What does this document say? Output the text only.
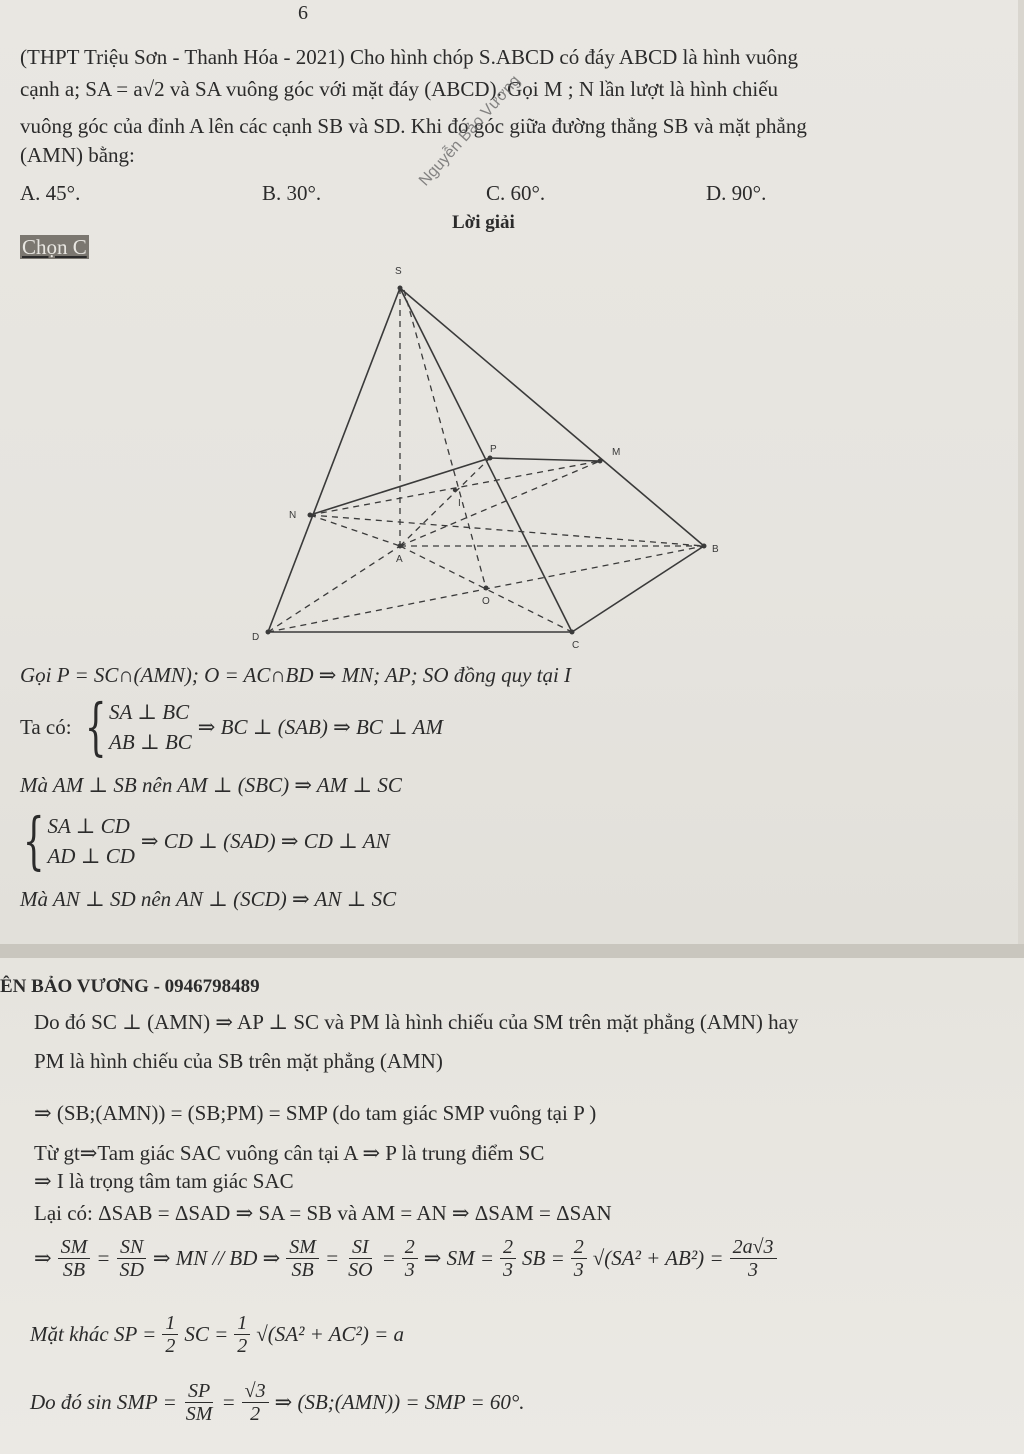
6
(THPT Triệu Sơn - Thanh Hóa - 2021) Cho hình chóp S.ABCD có đáy ABCD là hình vuông
cạnh a; SA = a√2 và SA vuông góc với mặt đáy (ABCD). Gọi M ; N lần lượt là hình chiếu
vuông góc của đỉnh A lên các cạnh SB và SD. Khi đó góc giữa đường thẳng SB và mặt phẳng
(AMN) bằng:
A. 45°.	B. 30°.	C. 60°.	D. 90°.
Nguyễn Bảo Vương
Lời giải
Chọn C
S
M
P
N
A
B
O
D
C
I
Gọi P = SC∩(AMN); O = AC∩BD ⇒ MN; AP; SO đồng quy tại I
Ta có: { SA ⊥ BC
AB ⊥ BC
⇒ BC ⊥ (SAB) ⇒ BC ⊥ AM
Mà AM ⊥ SB nên AM ⊥ (SBC) ⇒ AM ⊥ SC
{ SA ⊥ CD
AD ⊥ CD
⇒ CD ⊥ (SAD) ⇒ CD ⊥ AN
Mà AN ⊥ SD nên AN ⊥ (SCD) ⇒ AN ⊥ SC
ÊN BẢO VƯƠNG - 0946798489
Do đó SC ⊥ (AMN) ⇒ AP ⊥ SC và PM là hình chiếu của SM trên mặt phẳng (AMN) hay
PM là hình chiếu của SB trên mặt phẳng (AMN)
⇒ (SB;(AMN)) = (SB;PM) = SMP (do tam giác SMP vuông tại P )
Từ gt⇒Tam giác SAC vuông cân tại A ⇒ P là trung điểm SC
⇒ I là trọng tâm tam giác SAC
Lại có: ΔSAB = ΔSAD ⇒ SA = SB và AM = AN ⇒ ΔSAM = ΔSAN
⇒ $\frac{SM}{SB} = \frac{SN}{SD}$ ⇒ MN // BD ⇒ $\frac{SM}{SB} = \frac{SI}{SO} = \frac{2}{3}$ ⇒ SM = $\frac{2}{3}$ SB = $\frac{2}{3} √(SA^2 + AB^2) = \frac{2a√3}{3}$
Mặt khác SP = $\frac{1}{2}$ SC = $\frac{1}{2} √(SA^2 + AC^2) = a$
Do đó sin SMP = $\frac{SP}{SM} = \frac{√3}{2}$ ⇒ (SB;(AMN)) = SMP = 60°.
